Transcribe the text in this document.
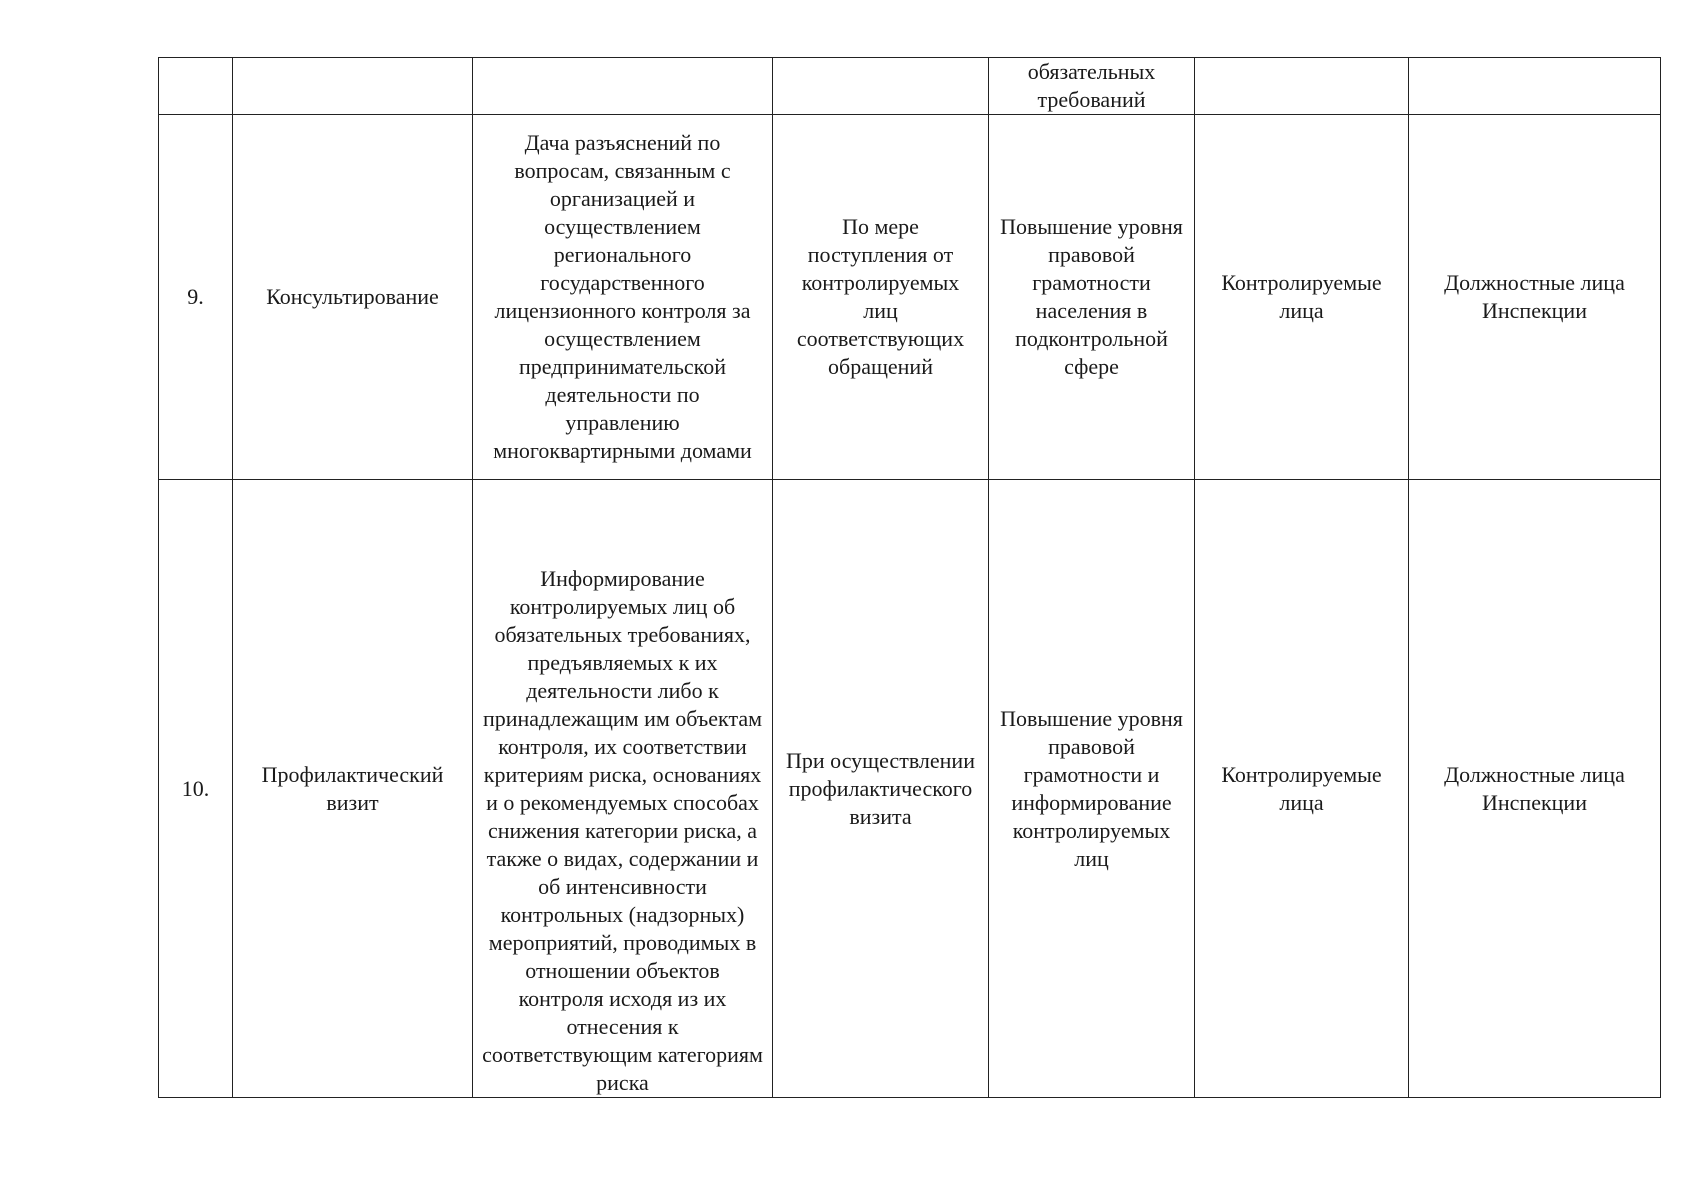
				обязательных требований		
9.	Консультирование	Дача разъяснений по вопросам, связанным с организацией и осуществлением регионального государственного лицензионного контроля за осуществлением предпринимательской деятельности по управлению многоквартирными домами	По мере поступления от контролируемых лиц соответствующих обращений	Повышение уровня правовой грамотности населения в подконтрольной сфере	Контролируемые лица	Должностные лица Инспекции
10.	Профилактический визит	Информирование контролируемых лиц об обязательных требованиях, предъявляемых к их деятельности либо к принадлежащим им объектам контроля, их соответствии критериям риска, основаниях и о рекомендуемых способах снижения категории риска, а также о видах, содержании и об интенсивности контрольных (надзорных) мероприятий, проводимых в отношении объектов контроля исходя из их отнесения к соответствующим категориям риска	При осуществлении профилактического визита	Повышение уровня правовой грамотности и информирование контролируемых лиц	Контролируемые лица	Должностные лица Инспекции
